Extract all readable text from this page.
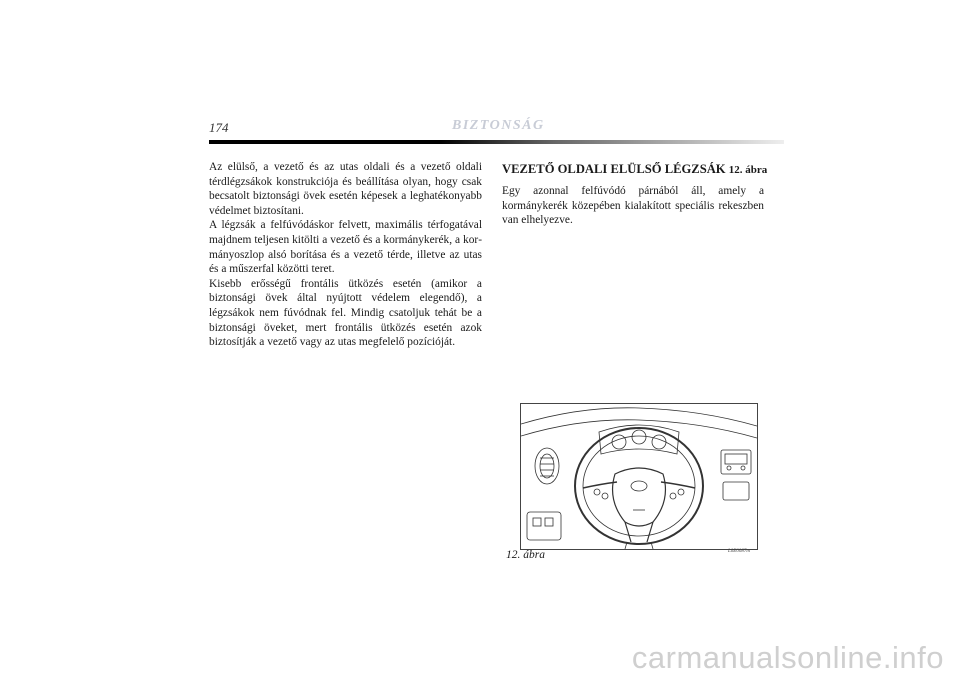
174	BIZTONSÁG

Az elülső, a vezető és az utas oldali és a vezető oldali térdlégzsákok konstrukciója és beállítása olyan, hogy csak becsatolt biztonsági övek esetén képesek a leghatékonyabb védelmet biztosítani.

A légzsák a felfúvódáskor felvett, maximális térfogatával majdnem teljesen kitölti a vezető és a kormánykerék, a kormányoszlop alsó borítása és a vezető térde, illetve az utas és a műszerfal közötti teret.

Kisebb erősségű frontális ütközés esetén (amikor a biztonsági övek által nyújtott védelem elegendő), a légzsákok nem fúvódnak fel. Mindig csatoljuk tehát be a biztonsági öveket, mert frontális ütközés esetén azok biztosítják a vezető vagy az utas megfelelő pozícióját.

VEZETŐ OLDALI ELÜLSŐ LÉGZSÁK 12. ábra

Egy azonnal felfúvódó párnából áll, amely a kormánykerék közepében kialakított speciális rekeszben van elhelyezve.

12. ábra	L0E0087m
carmanualsonline.info
